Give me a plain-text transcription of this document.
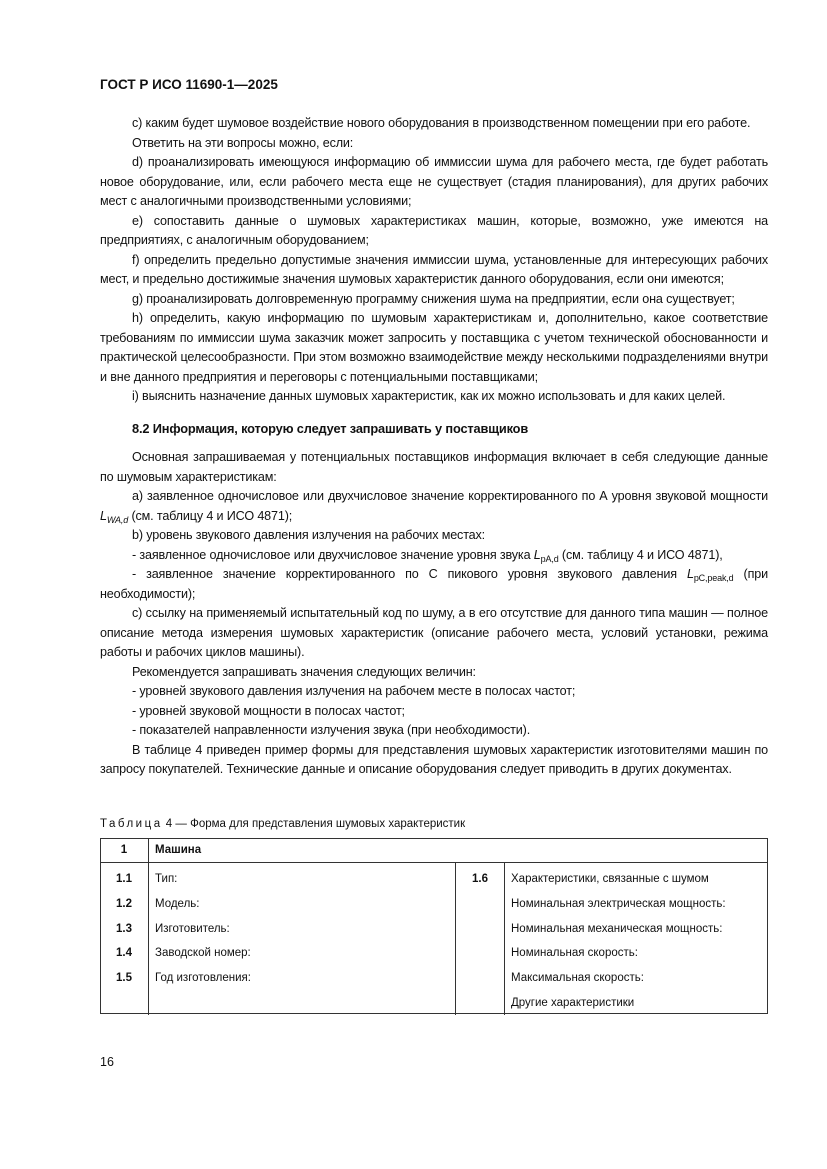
ГОСТ Р ИСО 11690-1—2025

c) каким будет шумовое воздействие нового оборудования в производственном помещении при его работе.

Ответить на эти вопросы можно, если:

d) проанализировать имеющуюся информацию об иммиссии шума для рабочего места, где будет работать новое оборудование, или, если рабочего места еще не существует (стадия планирования), для других рабочих мест с аналогичными производственными условиями;

e) сопоставить данные о шумовых характеристиках машин, которые, возможно, уже имеются на предприятиях, с аналогичным оборудованием;

f) определить предельно допустимые значения иммиссии шума, установленные для интересующих рабочих мест, и предельно достижимые значения шумовых характеристик данного оборудования, если они имеются;

g) проанализировать долговременную программу снижения шума на предприятии, если она существует;

h) определить, какую информацию по шумовым характеристикам и, дополнительно, какое соответствие требованиям по иммиссии шума заказчик может запросить у поставщика с учетом технической обоснованности и практической целесообразности. При этом возможно взаимодействие между несколькими подразделениями внутри и вне данного предприятия и переговоры с потенциальными поставщиками;

i) выяснить назначение данных шумовых характеристик, как их можно использовать и для каких целей.

8.2 Информация, которую следует запрашивать у поставщиков

Основная запрашиваемая у потенциальных поставщиков информация включает в себя следующие данные по шумовым характеристикам:

a) заявленное одночисловое или двухчисловое значение корректированного по А уровня звуковой мощности $L_{WA,d}$ (см. таблицу 4 и ИСО 4871);

b) уровень звукового давления излучения на рабочих местах:

- заявленное одночисловое или двухчисловое значение уровня звука $L_{pA,d}$ (см. таблицу 4 и ИСО 4871),

- заявленное значение корректированного по С пикового уровня звукового давления $L_{pC,peak,d}$ (при необходимости);

c) ссылку на применяемый испытательный код по шуму, а в его отсутствие для данного типа машин — полное описание метода измерения шумовых характеристик (описание рабочего места, условий установки, режима работы и рабочих циклов машины).

Рекомендуется запрашивать значения следующих величин:

- уровней звукового давления излучения на рабочем месте в полосах частот;

- уровней звуковой мощности в полосах частот;

- показателей направленности излучения звука (при необходимости).

В таблице 4 приведен пример формы для представления шумовых характеристик изготовителями машин по запросу покупателей. Технические данные и описание оборудования следует приводить в других документах.

Таблица 4 — Форма для представления шумовых характеристик
1	Машина		
1.1	Тип:	1.6	Характеристики, связанные с шумом
1.2	Модель:		Номинальная электрическая мощность:
1.3	Изготовитель:		Номинальная механическая мощность:
1.4	Заводской номер:		Номинальная скорость:
1.5	Год изготовления:		Максимальная скорость:
			Другие характеристики
16
